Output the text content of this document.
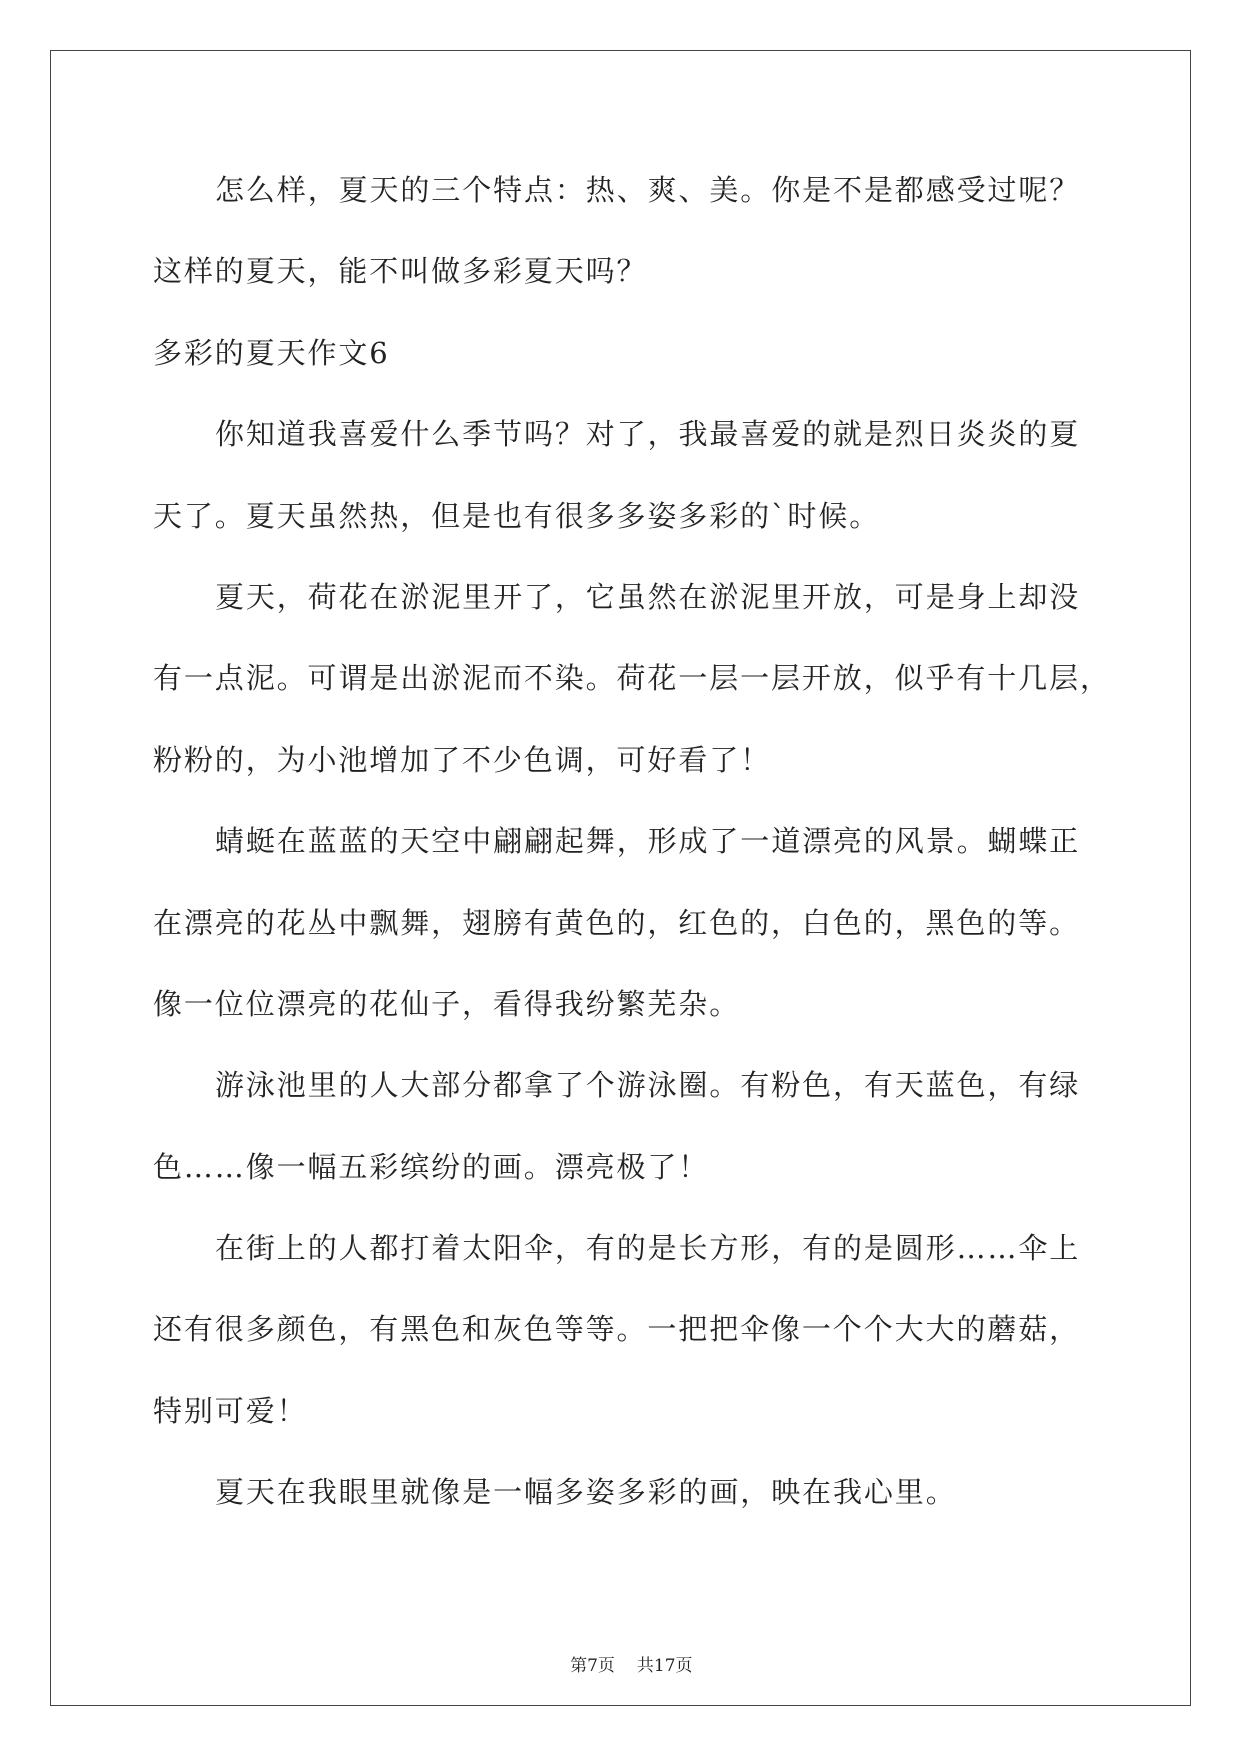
怎么样，夏天的三个特点：热、爽、美。你是不是都感受过呢？
这样的夏天，能不叫做多彩夏天吗？
多彩的夏天作文6
你知道我喜爱什么季节吗？对了，我最喜爱的就是烈日炎炎的夏
天了。夏天虽然热，但是也有很多多姿多彩的`时候。
夏天，荷花在淤泥里开了，它虽然在淤泥里开放，可是身上却没
有一点泥。可谓是出淤泥而不染。荷花一层一层开放，似乎有十几层，
粉粉的，为小池增加了不少色调，可好看了！
蜻蜓在蓝蓝的天空中翩翩起舞，形成了一道漂亮的风景。蝴蝶正
在漂亮的花丛中飘舞，翅膀有黄色的，红色的，白色的，黑色的等。
像一位位漂亮的花仙子，看得我纷繁芜杂。
游泳池里的人大部分都拿了个游泳圈。有粉色，有天蓝色，有绿
色……像一幅五彩缤纷的画。漂亮极了！
在街上的人都打着太阳伞，有的是长方形，有的是圆形……伞上
还有很多颜色，有黑色和灰色等等。一把把伞像一个个大大的蘑菇，
特别可爱！
夏天在我眼里就像是一幅多姿多彩的画，映在我心里。

第7页 共17页
